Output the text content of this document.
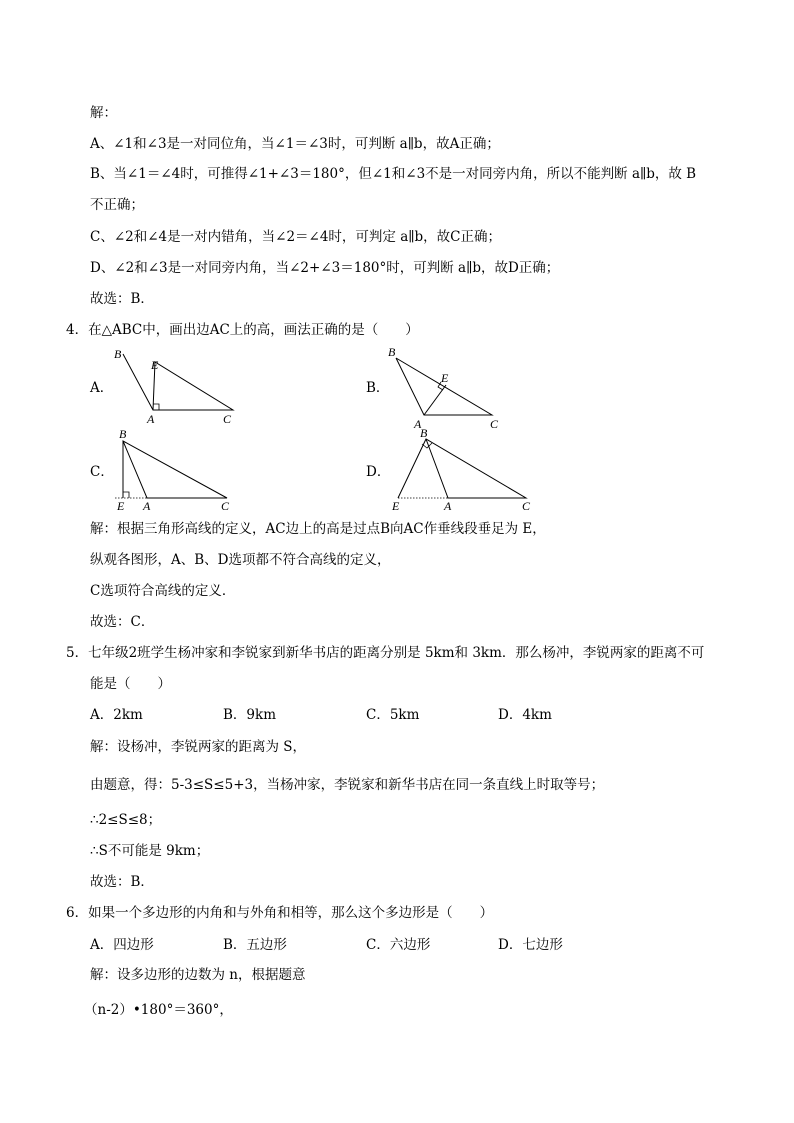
解：
A、∠1和∠3是一对同位角，当∠1＝∠3时，可判断 a∥b，故A正确；
B、当∠1＝∠4时，可推得∠1+∠3＝180°，但∠1和∠3不是一对同旁内角，所以不能判断 a∥b，故 B
不正确；
C、∠2和∠4是一对内错角，当∠2＝∠4时，可判定 a∥b，故C正确；
D、∠2和∠3是一对同旁内角，当∠2+∠3＝180°时，可判断 a∥b，故D正确；
故选：B．
4．在△ABC中，画出边AC上的高，画法正确的是（　　）
A．
B
E
A	C
B．
B
E
A	C
C．
B
E A	C
D．
B
E	A	C
解：根据三角形高线的定义，AC边上的高是过点B向AC作垂线段垂足为 E，
纵观各图形，A、B、D选项都不符合高线的定义，
C选项符合高线的定义．
故选：C．
5．七年级2班学生杨冲家和李锐家到新华书店的距离分别是 5km和 3km．那么杨冲，李锐两家的距离不可
能是（　　）
A．2km	B．9km	C．5km	D．4km
解：设杨冲，李锐两家的距离为 S，
由题意，得：5-3≤S≤5+3，当杨冲家，李锐家和新华书店在同一条直线上时取等号；
∴2≤S≤8；
∴S不可能是 9km；
故选：B．
6．如果一个多边形的内角和与外角和相等，那么这个多边形是（　　）
A．四边形	B．五边形	C．六边形	D．七边形
解：设多边形的边数为 n，根据题意
（n-2）•180°＝360°，
